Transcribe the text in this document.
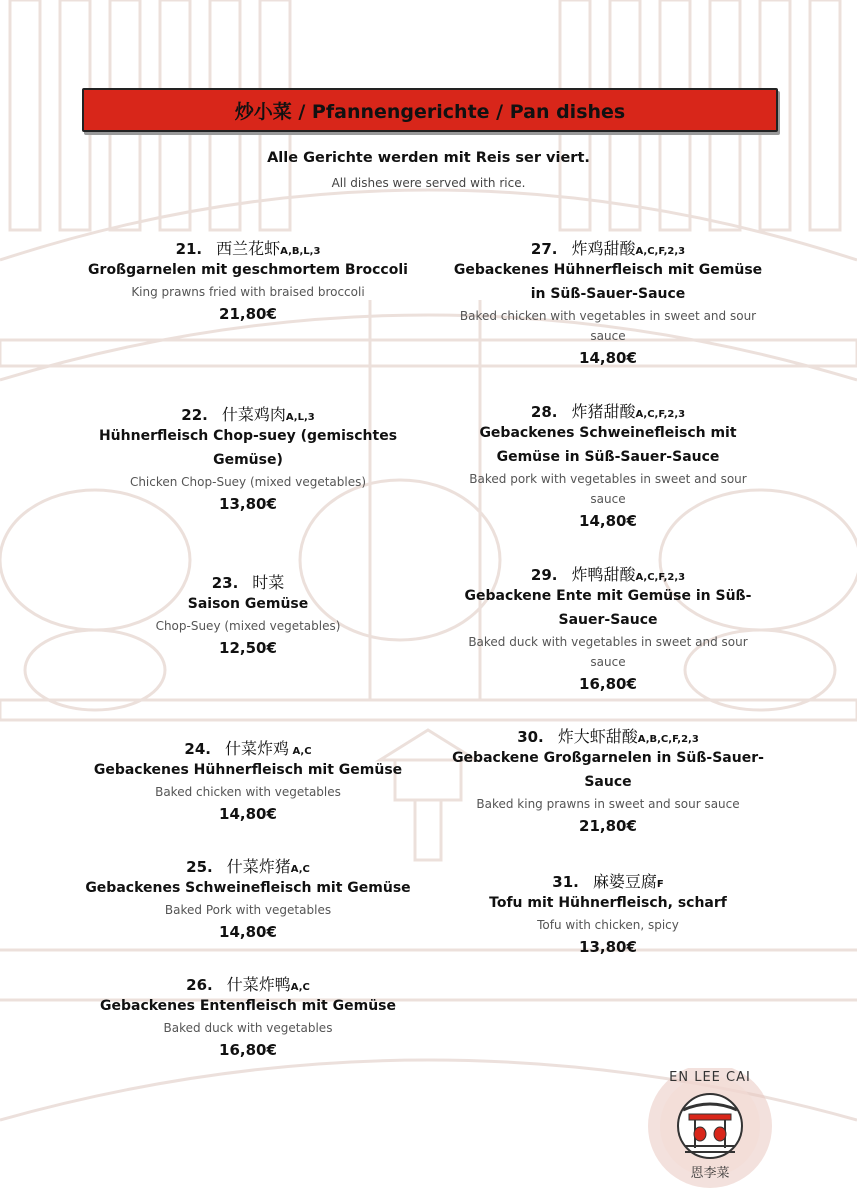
炒小菜 / Pfannengerichte / Pan dishes
Alle Gerichte werden mit Reis ser viert.
All dishes were served with rice.
21. 西兰花虾A,B,L,3
Großgarnelen mit geschmortem Broccoli
King prawns fried with braised broccoli
21,80€
22. 什菜鸡肉A,L,3
Hühnerfleisch Chop-suey (gemischtes Gemüse)
Chicken Chop-Suey (mixed vegetables)
13,80€
23. 时菜
Saison Gemüse
Chop-Suey (mixed vegetables)
12,50€
24. 什菜炸鸡 A,C
Gebackenes Hühnerfleisch mit Gemüse
Baked chicken with vegetables
14,80€
25. 什菜炸猪A,C
Gebackenes Schweinefleisch mit Gemüse
Baked Pork with vegetables
14,80€
26. 什菜炸鸭A,C
Gebackenes Entenfleisch mit Gemüse
Baked duck with vegetables
16,80€
27. 炸鸡甜酸A,C,F,2,3
Gebackenes Hühnerfleisch mit Gemüse in Süß-Sauer-Sauce
Baked chicken with vegetables in sweet and sour sauce
14,80€
28. 炸猪甜酸A,C,F,2,3
Gebackenes Schweinefleisch mit Gemüse in Süß-Sauer-Sauce
Baked pork with vegetables in sweet and sour sauce
14,80€
29. 炸鸭甜酸A,C,F,2,3
Gebackene Ente mit Gemüse in Süß-Sauer-Sauce
Baked duck with vegetables in sweet and sour sauce
16,80€
30. 炸大虾甜酸A,B,C,F,2,3
Gebackene Großgarnelen in Süß-Sauer-Sauce
Baked king prawns in sweet and sour sauce
21,80€
31. 麻婆豆腐F
Tofu mit Hühnerfleisch, scharf
Tofu with chicken, spicy
13,80€
EN LEE CAI
恩李菜
